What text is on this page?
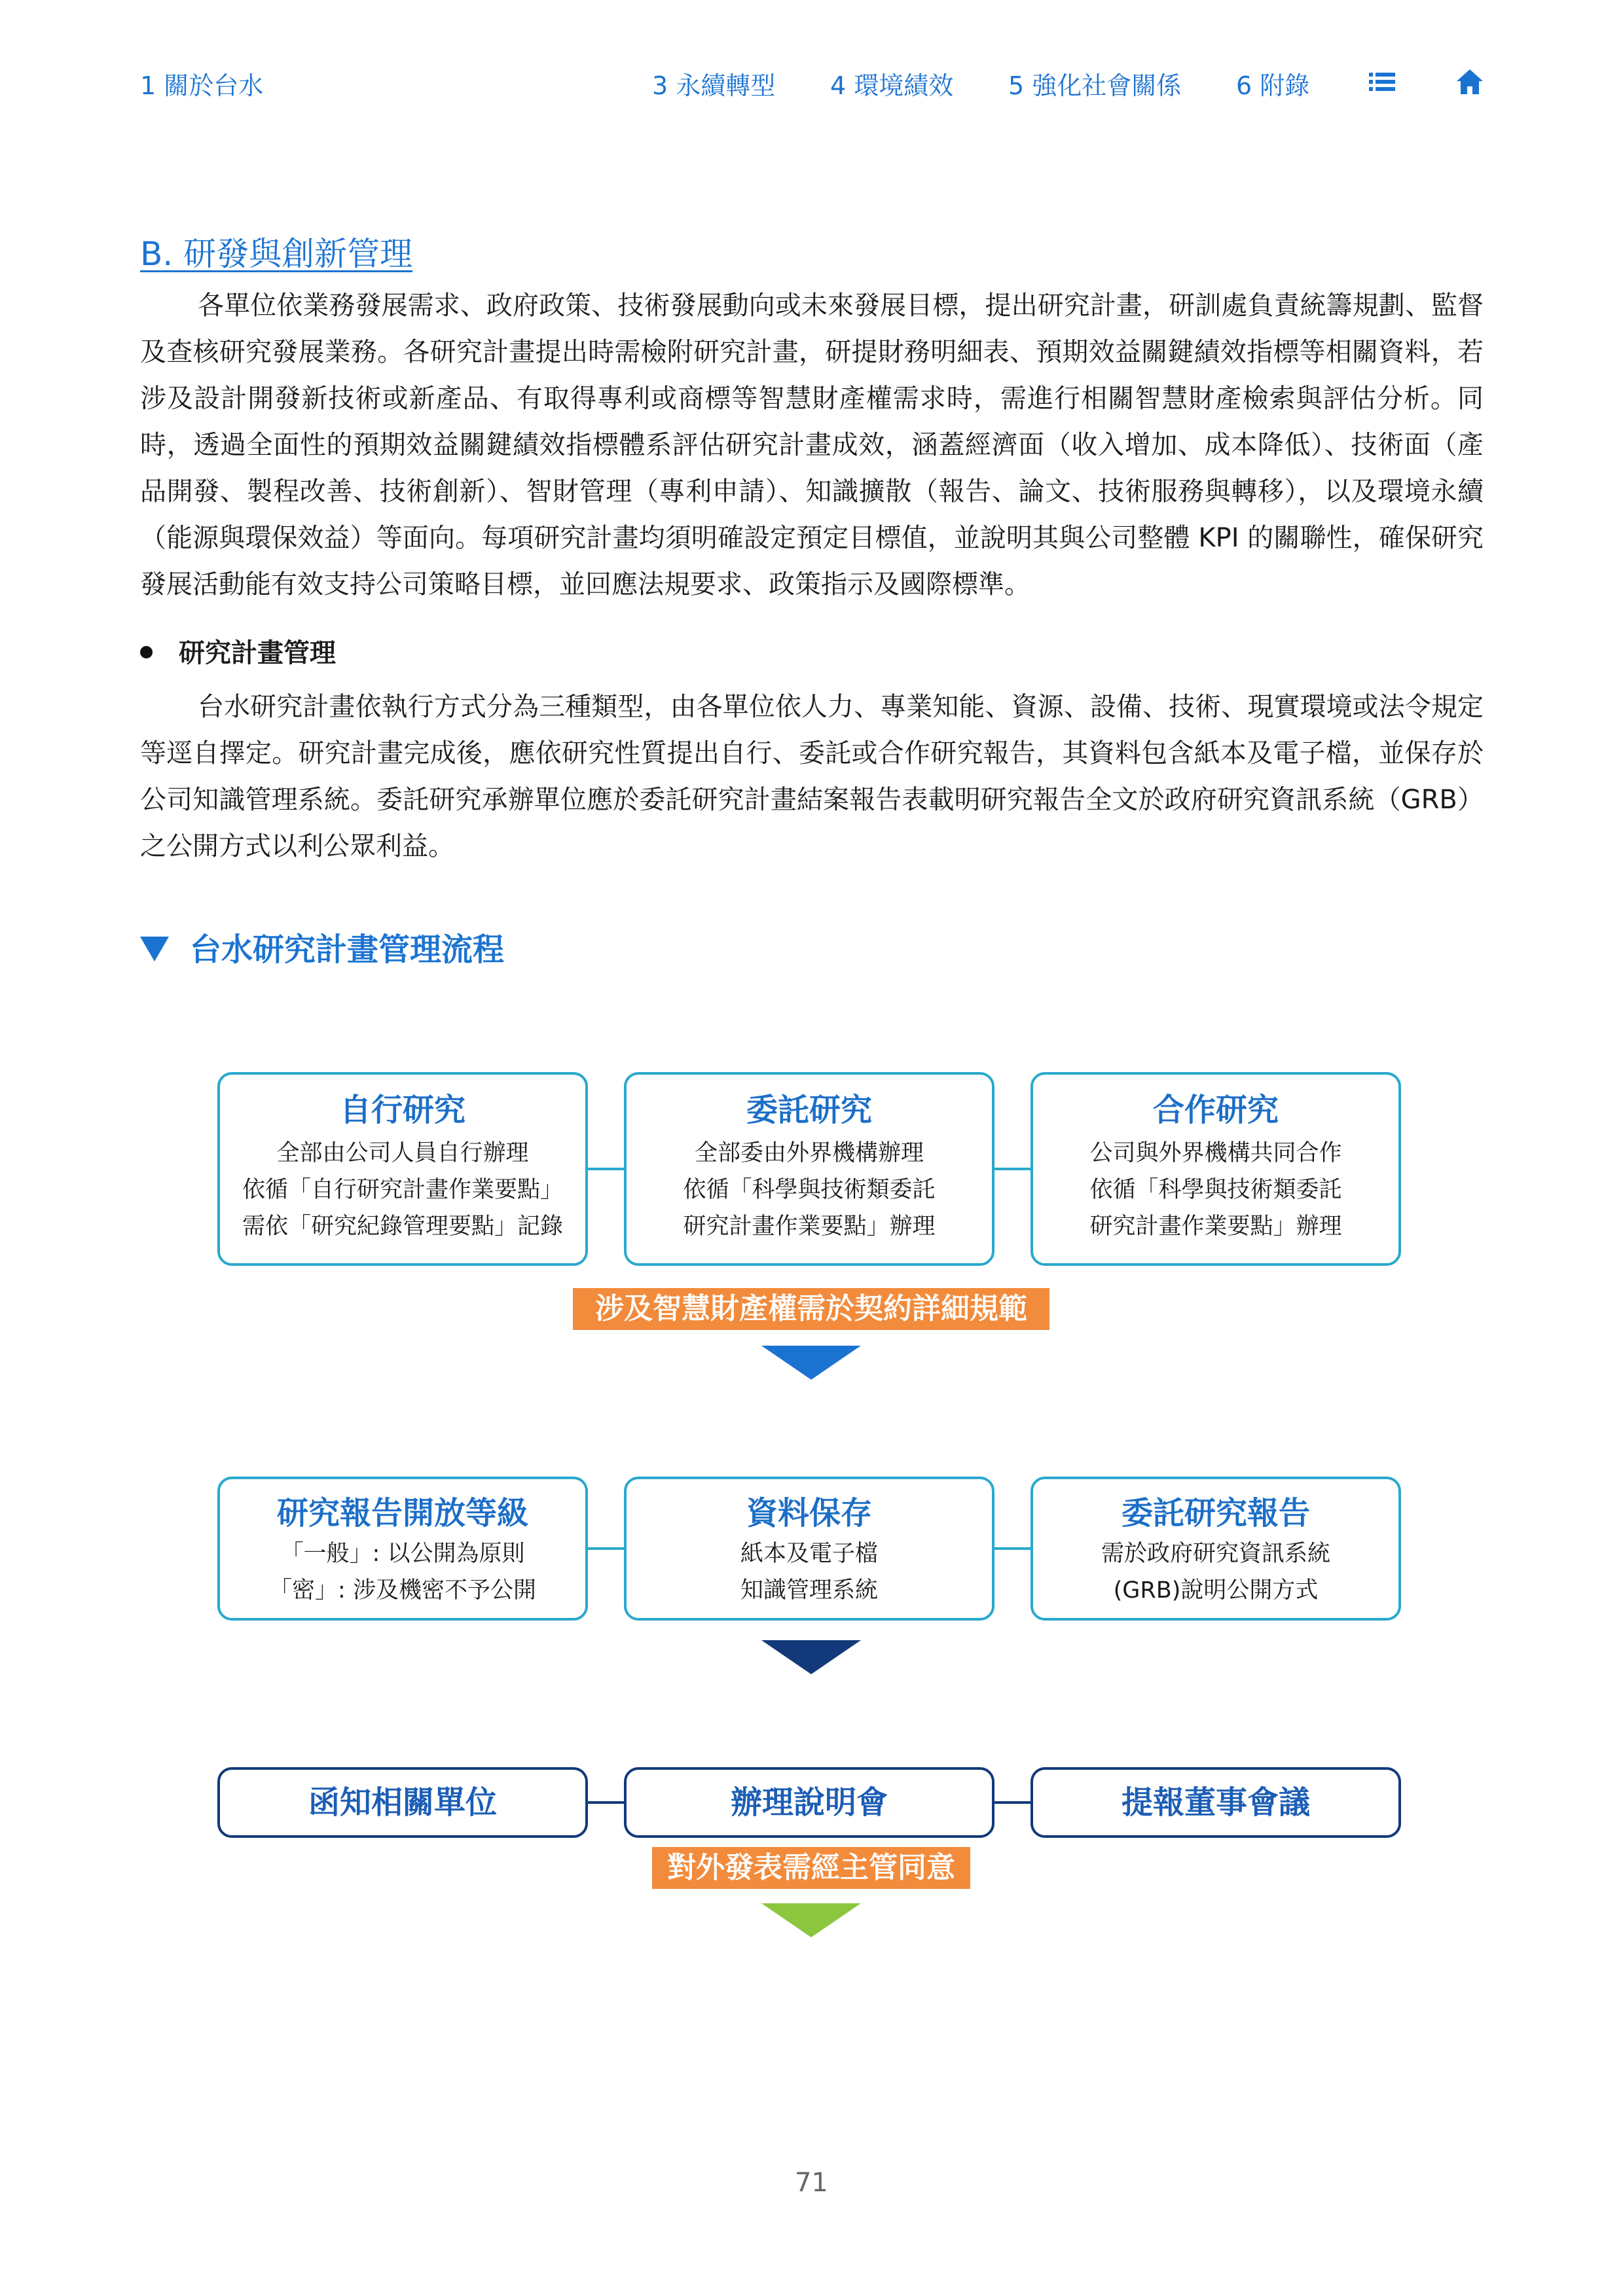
1 關於台水	3 永續轉型 4 環境績效 5 強化社會關係 6 附錄
B. 研發與創新管理

各單位依業務發展需求、政府政策、技術發展動向或未來發展目標，提出研究計畫，研訓處負責統籌規劃、監督及查核研究發展業務。各研究計畫提出時需檢附研究計畫，研提財務明細表、預期效益關鍵績效指標等相關資料，若涉及設計開發新技術或新產品、有取得專利或商標等智慧財產權需求時，需進行相關智慧財產檢索與評估分析。同時，透過全面性的預期效益關鍵績效指標體系評估研究計畫成效，涵蓋經濟面（收入增加、成本降低）、技術面（產品開發、製程改善、技術創新）、智財管理（專利申請）、知識擴散（報告、論文、技術服務與轉移），以及環境永續（能源與環保效益）等面向。每項研究計畫均須明確設定預定目標值，並說明其與公司整體 KPI 的關聯性，確保研究發展活動能有效支持公司策略目標，並回應法規要求、政策指示及國際標準。

研究計畫管理

台水研究計畫依執行方式分為三種類型，由各單位依人力、專業知能、資源、設備、技術、現實環境或法令規定等逕自擇定。研究計畫完成後，應依研究性質提出自行、委託或合作研究報告，其資料包含紙本及電子檔，並保存於公司知識管理系統。委託研究承辦單位應於委託研究計畫結案報告表載明研究報告全文於政府研究資訊系統（GRB）之公開方式以利公眾利益。

台水研究計畫管理流程
自行研究
全部由公司人員自行辦理
依循「自行研究計畫作業要點」
需依「研究紀錄管理要點」記錄
委託研究
全部委由外界機構辦理
依循「科學與技術類委託
研究計畫作業要點」辦理
合作研究
公司與外界機構共同合作
依循「科學與技術類委託
研究計畫作業要點」辦理
涉及智慧財產權需於契約詳細規範
研究報告開放等級
「一般」: 以公開為原則
「密」: 涉及機密不予公開
資料保存
紙本及電子檔
知識管理系統
委託研究報告
需於政府研究資訊系統
(GRB)說明公開方式
函知相關單位	辦理說明會	提報董事會議
對外發表需經主管同意
71
